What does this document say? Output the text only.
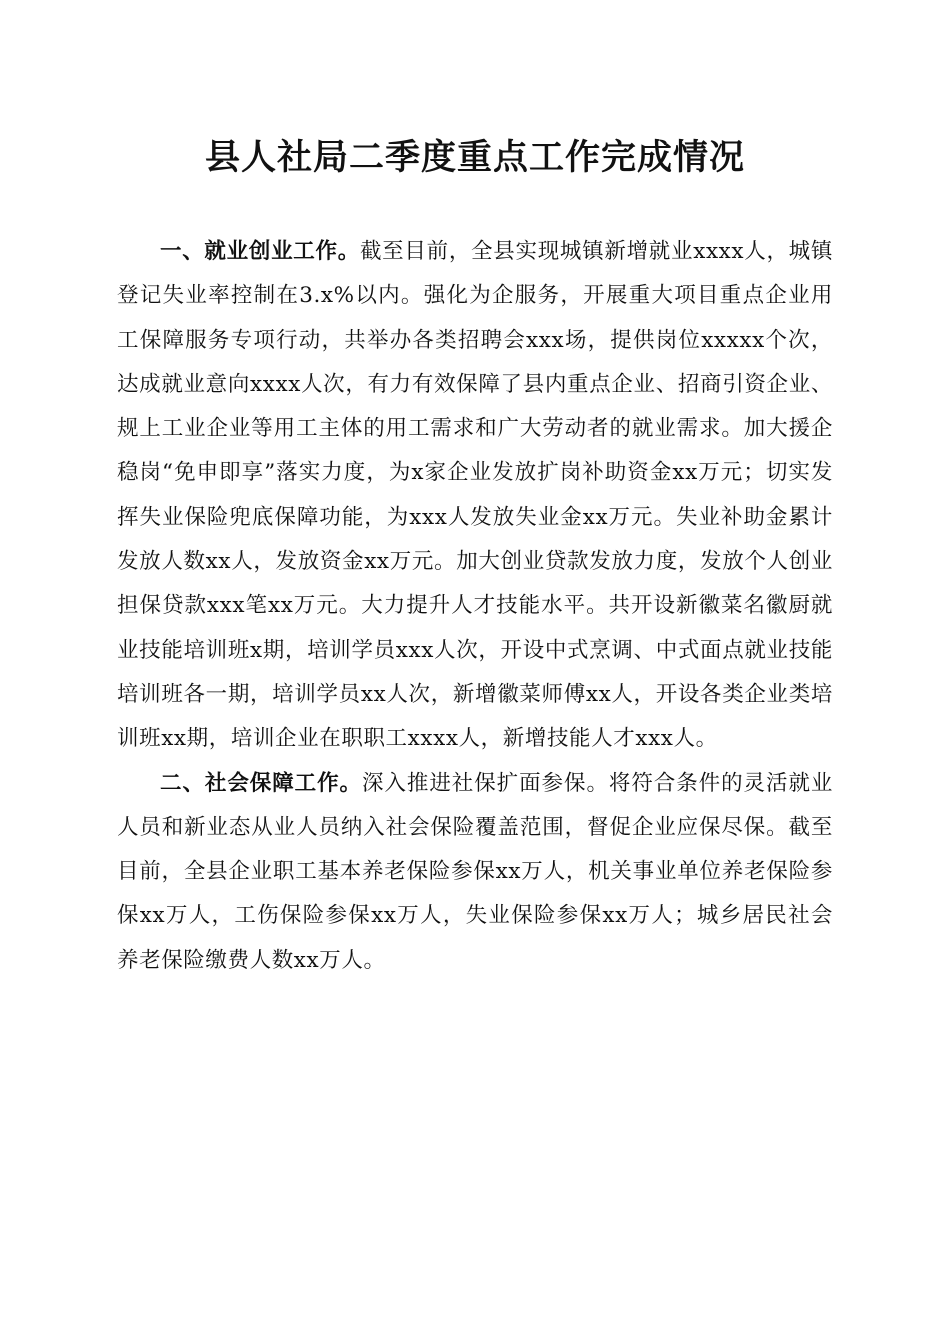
县人社局二季度重点工作完成情况

一、就业创业工作。截至目前，全县实现城镇新增就业xxxx人，城镇登记失业率控制在3.x%以内。强化为企服务，开展重大项目重点企业用工保障服务专项行动，共举办各类招聘会xxx场，提供岗位xxxxx个次，达成就业意向xxxx人次，有力有效保障了县内重点企业、招商引资企业、规上工业企业等用工主体的用工需求和广大劳动者的就业需求。加大援企稳岗“免申即享”落实力度，为x家企业发放扩岗补助资金xx万元；切实发挥失业保险兜底保障功能，为xxx人发放失业金xx万元。失业补助金累计发放人数xx人，发放资金xx万元。加大创业贷款发放力度，发放个人创业担保贷款xxx笔xx万元。大力提升人才技能水平。共开设新徽菜名徽厨就业技能培训班x期，培训学员xxx人次，开设中式烹调、中式面点就业技能培训班各一期，培训学员xx人次，新增徽菜师傅xx人，开设各类企业类培训班xx期，培训企业在职职工xxxx人，新增技能人才xxx人。

二、社会保障工作。深入推进社保扩面参保。将符合条件的灵活就业人员和新业态从业人员纳入社会保险覆盖范围，督促企业应保尽保。截至目前，全县企业职工基本养老保险参保xx万人，机关事业单位养老保险参保xx万人，工伤保险参保xx万人，失业保险参保xx万人；城乡居民社会养老保险缴费人数xx万人。
